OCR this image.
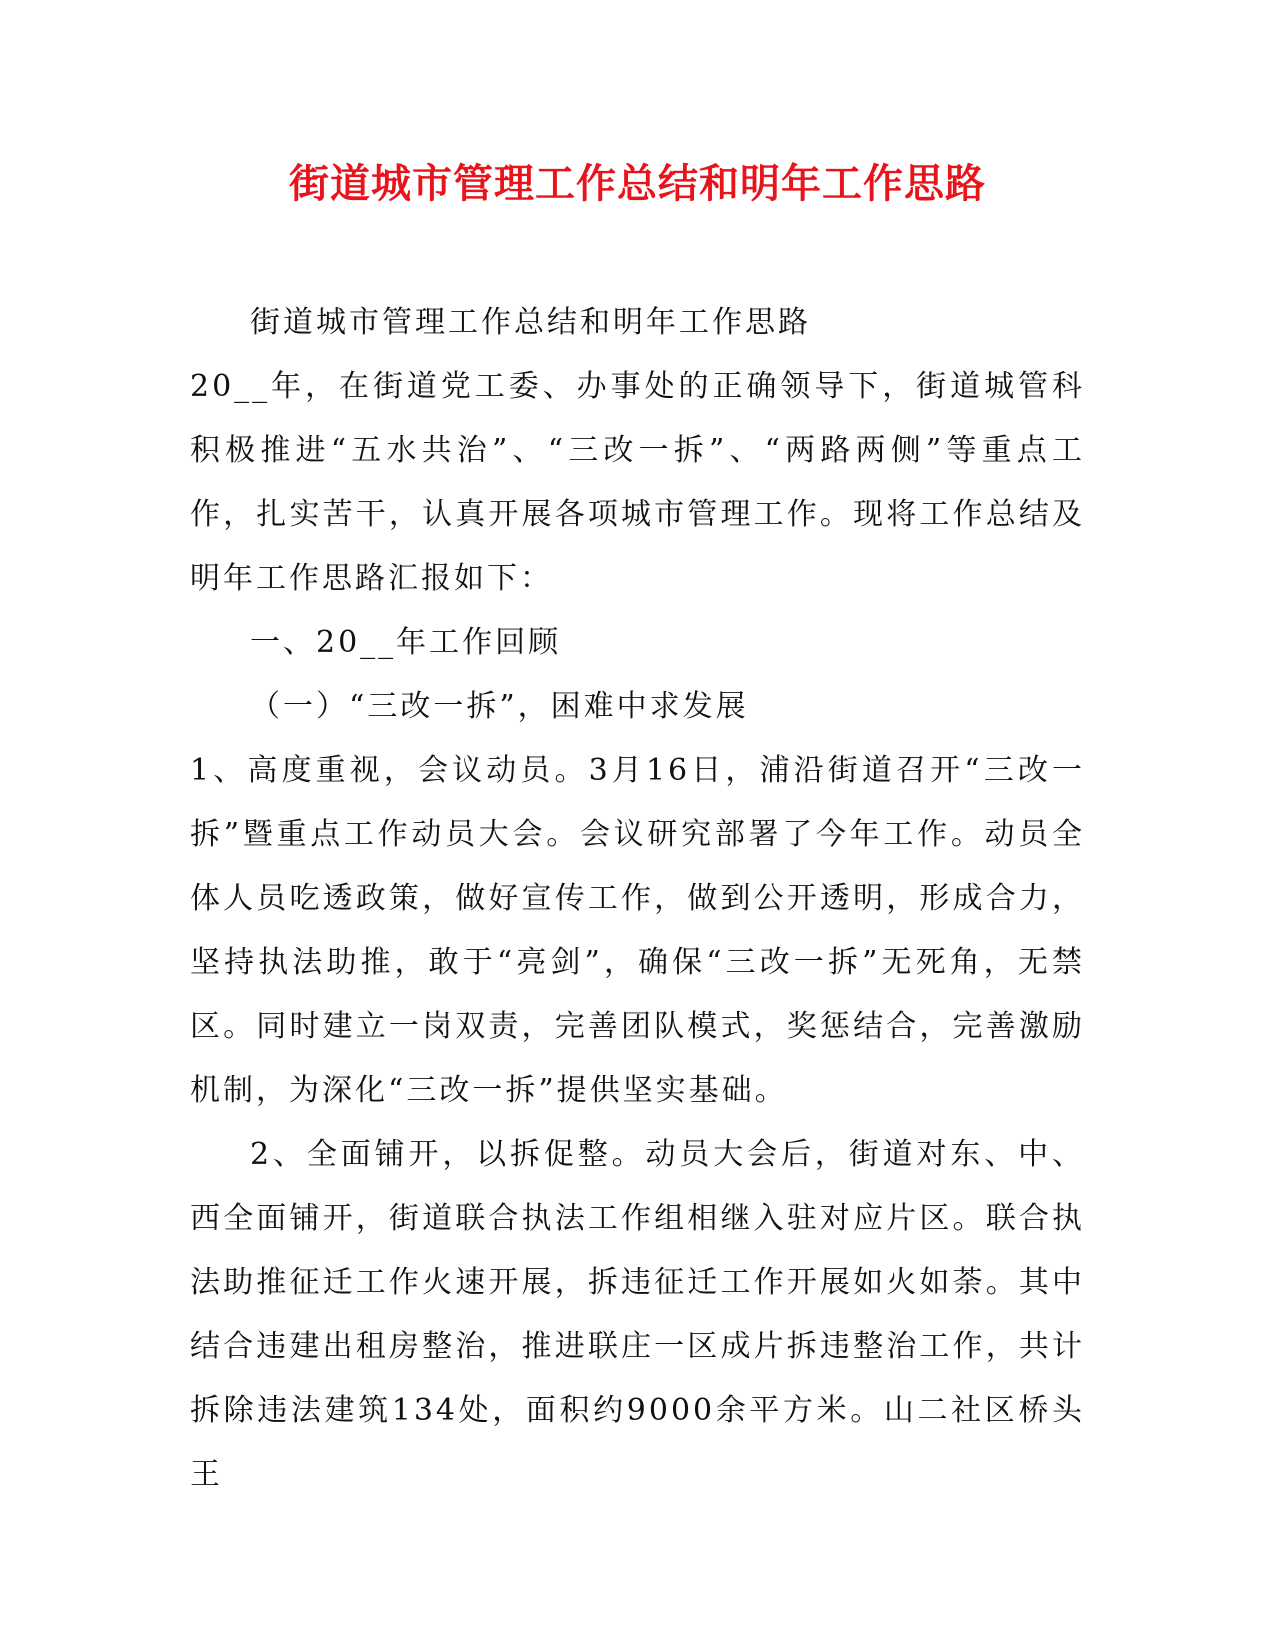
街道城市管理工作总结和明年工作思路

街道城市管理工作总结和明年工作思路

20__年，在街道党工委、办事处的正确领导下，街道城管科积极推进“五水共治”、“三改一拆”、“两路两侧”等重点工作，扎实苦干，认真开展各项城市管理工作。现将工作总结及明年工作思路汇报如下：

一、20__年工作回顾

（一）“三改一拆”，困难中求发展

1、高度重视，会议动员。3月16日，浦沿街道召开“三改一拆”暨重点工作动员大会。会议研究部署了今年工作。动员全体人员吃透政策，做好宣传工作，做到公开透明，形成合力，坚持执法助推，敢于“亮剑”，确保“三改一拆”无死角，无禁区。同时建立一岗双责，完善团队模式，奖惩结合，完善激励机制，为深化“三改一拆”提供坚实基础。

2、全面铺开，以拆促整。动员大会后，街道对东、中、西全面铺开，街道联合执法工作组相继入驻对应片区。联合执法助推征迁工作火速开展，拆违征迁工作开展如火如荼。其中结合违建出租房整治，推进联庄一区成片拆违整治工作，共计拆除违法建筑134处，面积约9000余平方米。山二社区桥头王
